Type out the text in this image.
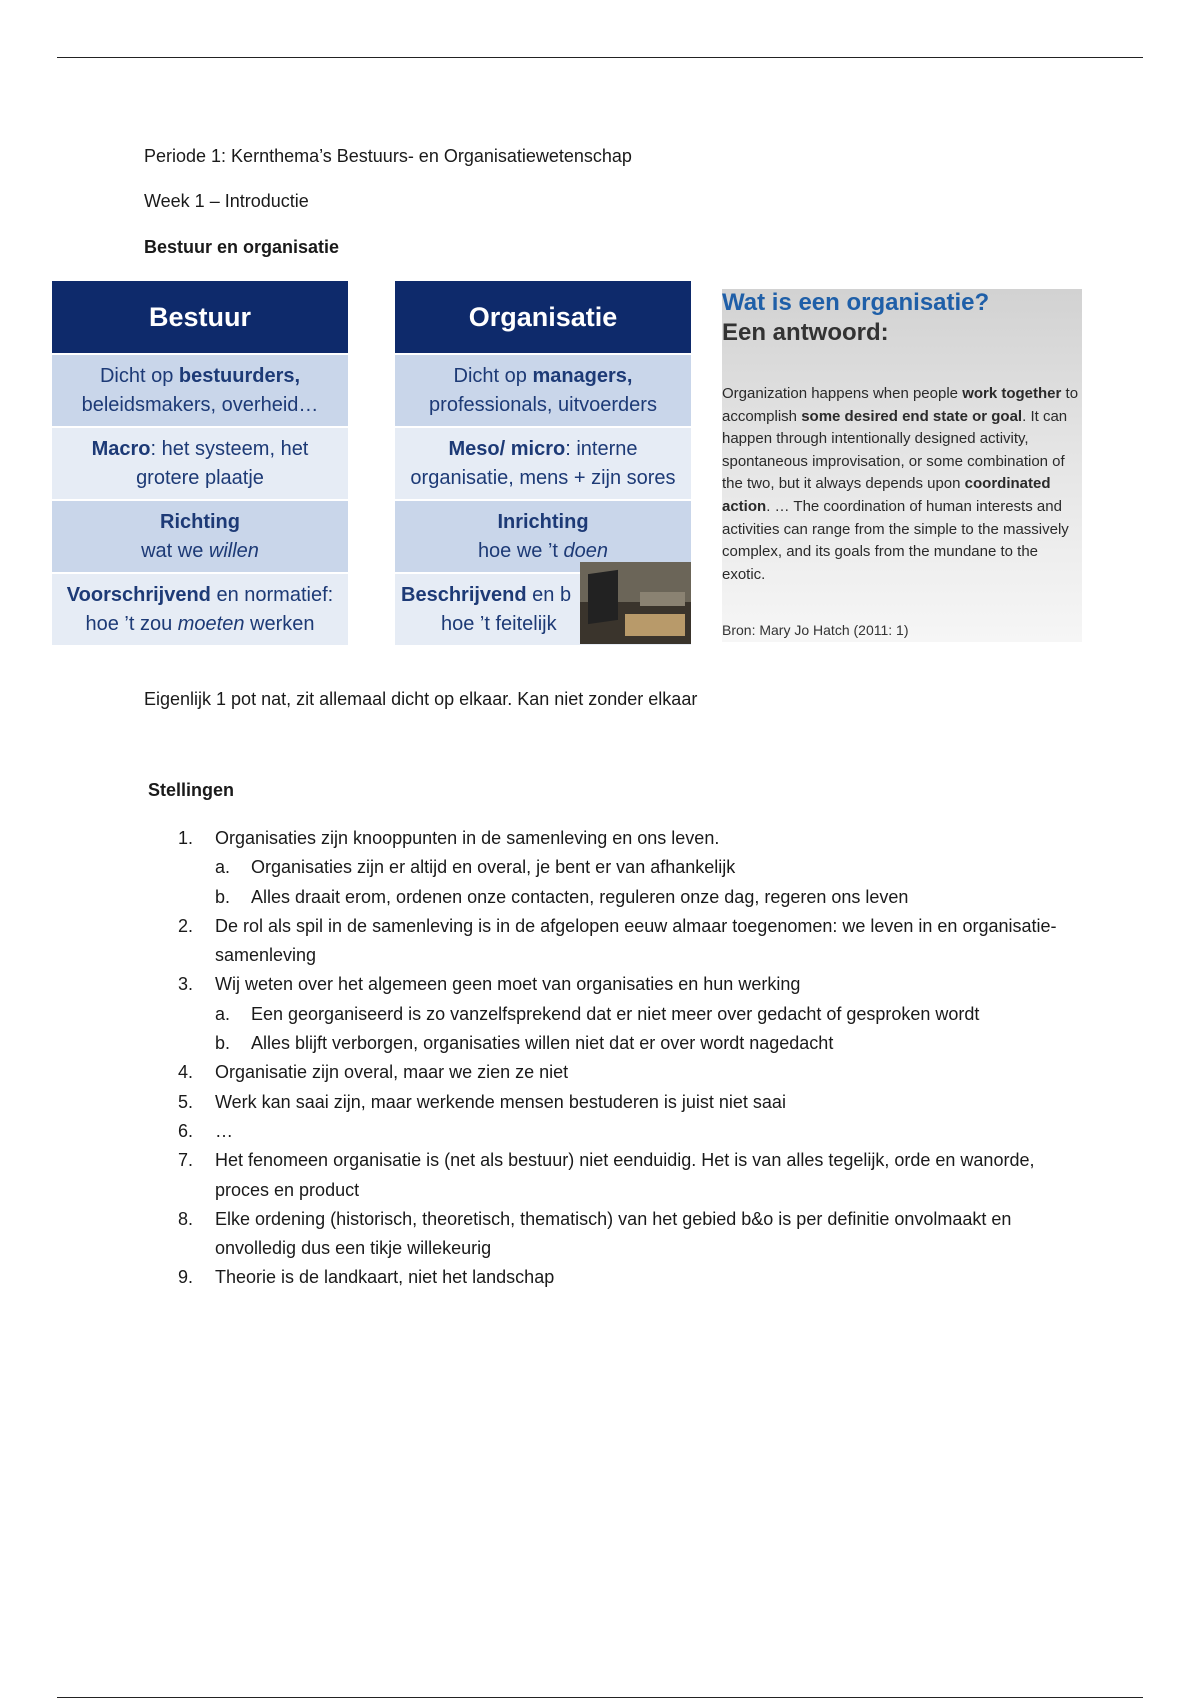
Periode 1: Kernthema’s Bestuurs- en Organisatiewetenschap
Week 1 – Introductie
Bestuur en organisatie
Bestuur
Dicht op bestuurders,
beleidsmakers, overheid…
Macro: het systeem, het
grotere plaatje
Richting
wat we willen
Voorschrijvend en normatief:
hoe ’t zou moeten werken
Organisatie
Dicht op managers,
professionals, uitvoerders
Meso/ micro: interne
organisatie, mens + zijn sores
Inrichting
hoe we ’t doen
Beschrijvend en b
hoe ’t feitelijk
Wat is een organisatie?
Een antwoord:
Organization happens when people work together to accomplish some desired end state or goal. It can happen through intentionally designed activity, spontaneous improvisation, or some combination of the two, but it always depends upon coordinated action. … The coordination of human interests and activities can range from the simple to the massively complex, and its goals from the mundane to the exotic.
Bron: Mary Jo Hatch (2011: 1)
Eigenlijk 1 pot nat, zit allemaal dicht op elkaar. Kan niet zonder elkaar
Stellingen
1. Organisaties zijn knooppunten in de samenleving en ons leven.
a. Organisaties zijn er altijd en overal, je bent er van afhankelijk
b. Alles draait erom, ordenen onze contacten, reguleren onze dag, regeren ons leven
2. De rol als spil in de samenleving is in de afgelopen eeuw almaar toegenomen: we leven in en organisatie-samenleving
3. Wij weten over het algemeen geen moet van organisaties en hun werking
a. Een georganiseerd is zo vanzelfsprekend dat er niet meer over gedacht of gesproken wordt
b. Alles blijft verborgen, organisaties willen niet dat er over wordt nagedacht
4. Organisatie zijn overal, maar we zien ze niet
5. Werk kan saai zijn, maar werkende mensen bestuderen is juist niet saai
6. …
7. Het fenomeen organisatie is (net als bestuur) niet eenduidig. Het is van alles tegelijk, orde en wanorde, proces en product
8. Elke ordening (historisch, theoretisch, thematisch) van het gebied b&o is per definitie onvolmaakt en onvolledig dus een tikje willekeurig
9. Theorie is de landkaart, niet het landschap
